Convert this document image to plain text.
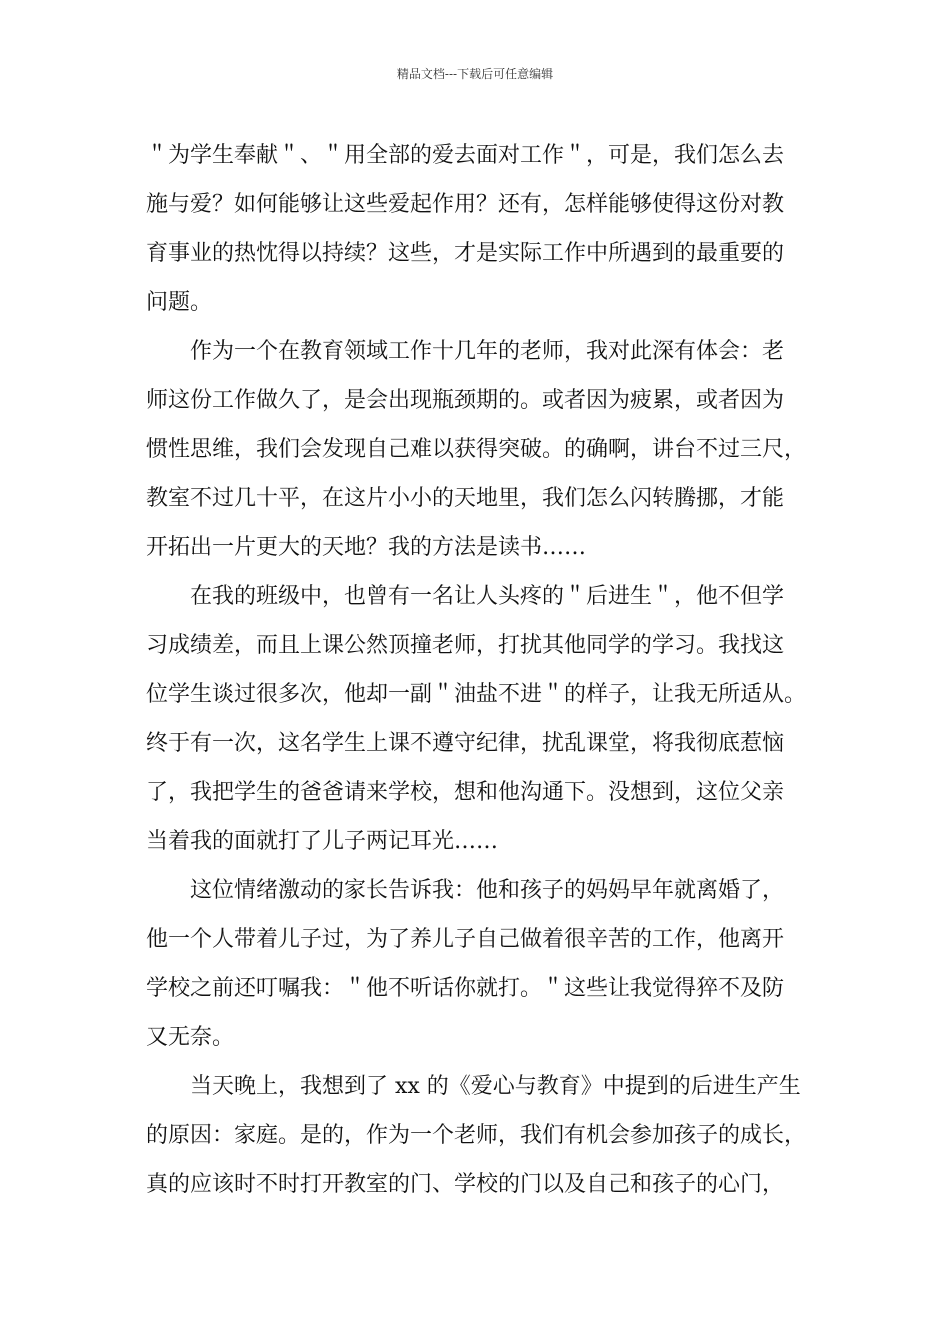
精品文档---下载后可任意编辑
＂为学生奉献＂、＂用全部的爱去面对工作＂，可是，我们怎么去
施与爱？如何能够让这些爱起作用？还有，怎样能够使得这份对教
育事业的热忱得以持续？这些，才是实际工作中所遇到的最重要的
问题。
作为一个在教育领域工作十几年的老师，我对此深有体会：老
师这份工作做久了，是会出现瓶颈期的。或者因为疲累，或者因为
惯性思维，我们会发现自己难以获得突破。的确啊，讲台不过三尺，
教室不过几十平，在这片小小的天地里，我们怎么闪转腾挪，才能
开拓出一片更大的天地？我的方法是读书……
在我的班级中，也曾有一名让人头疼的＂后进生＂，他不但学
习成绩差，而且上课公然顶撞老师，打扰其他同学的学习。我找这
位学生谈过很多次，他却一副＂油盐不进＂的样子，让我无所适从。
终于有一次，这名学生上课不遵守纪律，扰乱课堂，将我彻底惹恼
了，我把学生的爸爸请来学校，想和他沟通下。没想到，这位父亲
当着我的面就打了儿子两记耳光……
这位情绪激动的家长告诉我：他和孩子的妈妈早年就离婚了，
他一个人带着儿子过，为了养儿子自己做着很辛苦的工作，他离开
学校之前还叮嘱我：＂他不听话你就打。＂这些让我觉得猝不及防
又无奈。
当天晚上，我想到了 xx 的《爱心与教育》中提到的后进生产生
的原因：家庭。是的，作为一个老师，我们有机会参加孩子的成长，
真的应该时不时打开教室的门、学校的门以及自己和孩子的心门，
